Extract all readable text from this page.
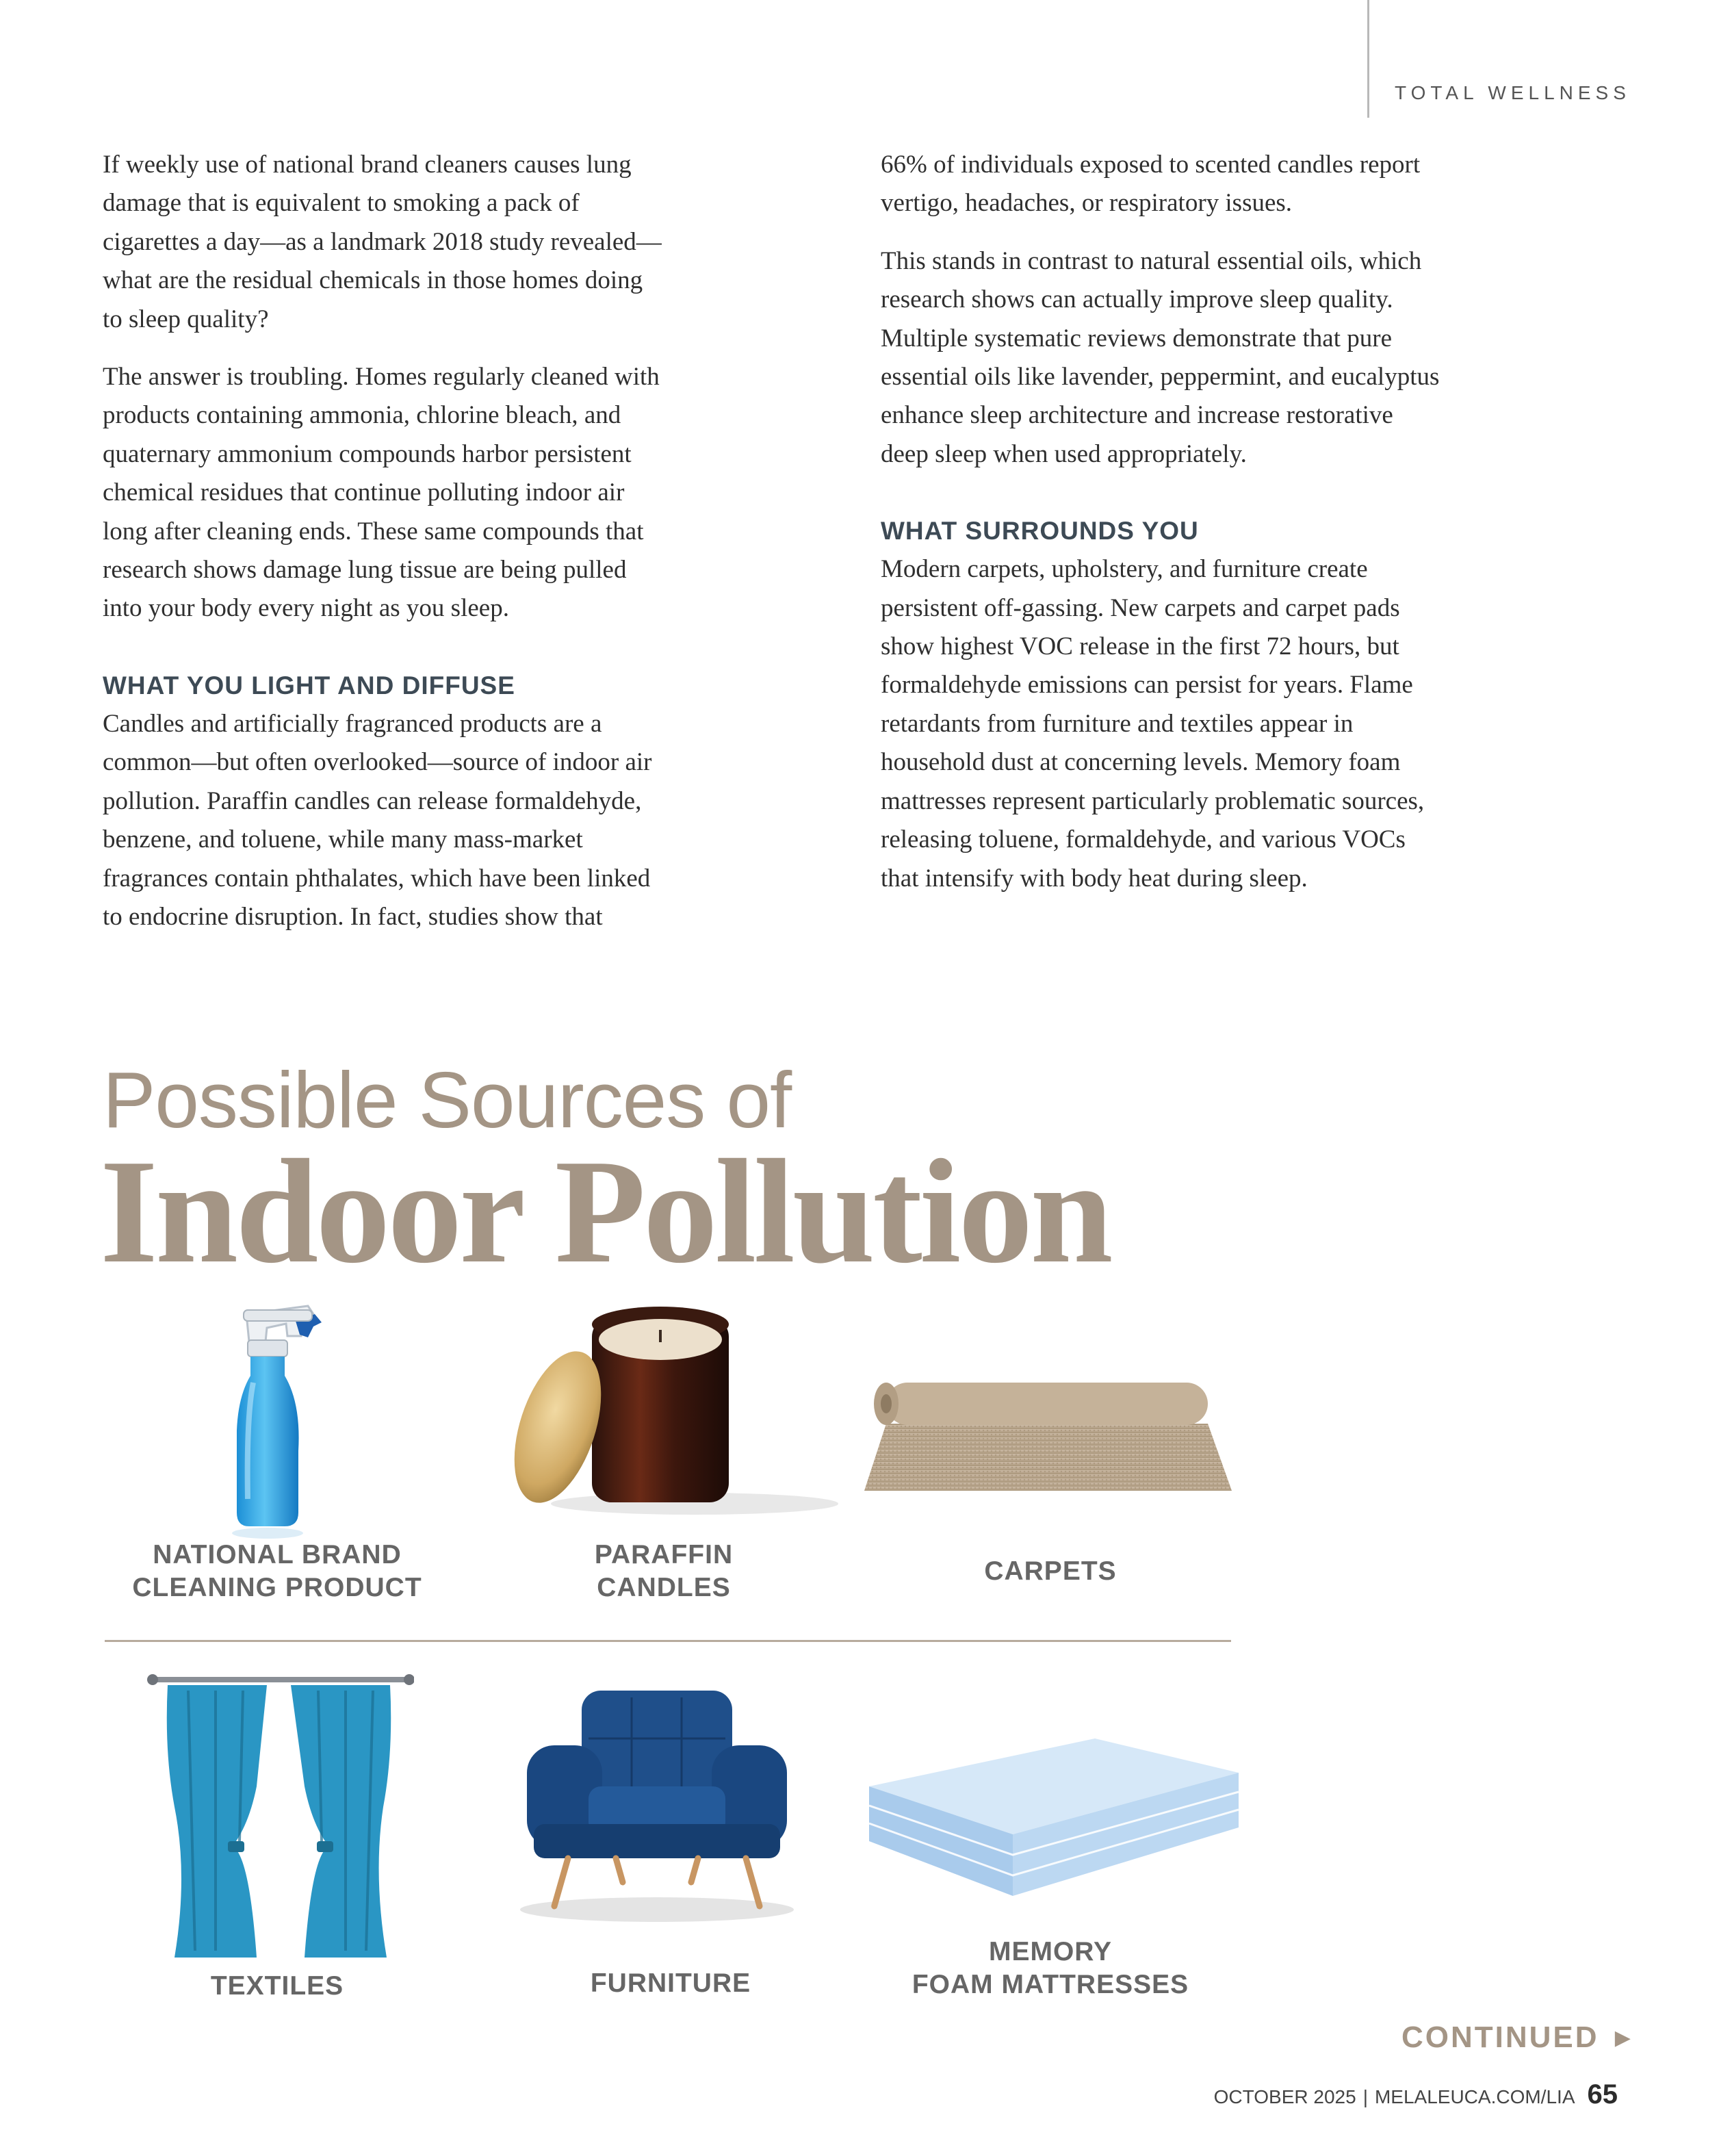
TOTAL WELLNESS

If weekly use of national brand cleaners causes lung damage that is equivalent to smoking a pack of cigarettes a day—as a landmark 2018 study revealed—what are the residual chemicals in those homes doing to sleep quality?

The answer is troubling. Homes regularly cleaned with products containing ammonia, chlorine bleach, and quaternary ammonium compounds harbor persistent chemical residues that continue polluting indoor air long after cleaning ends. These same compounds that research shows damage lung tissue are being pulled into your body every night as you sleep.

WHAT YOU LIGHT AND DIFFUSE

Candles and artificially fragranced products are a common—but often overlooked—source of indoor air pollution. Paraffin candles can release formaldehyde, benzene, and toluene, while many mass-market fragrances contain phthalates, which have been linked to endocrine disruption. In fact, studies show that

66% of individuals exposed to scented candles report vertigo, headaches, or respiratory issues.

This stands in contrast to natural essential oils, which research shows can actually improve sleep quality. Multiple systematic reviews demonstrate that pure essential oils like lavender, peppermint, and eucalyptus enhance sleep architecture and increase restorative deep sleep when used appropriately.

WHAT SURROUNDS YOU

Modern carpets, upholstery, and furniture create persistent off-gassing. New carpets and carpet pads show highest VOC release in the first 72 hours, but formaldehyde emissions can persist for years. Flame retardants from furniture and textiles appear in household dust at concerning levels. Memory foam mattresses represent particularly problematic sources, releasing toluene, formaldehyde, and various VOCs that intensify with body heat during sleep.

Possible Sources of
Indoor Pollution
NATIONAL BRAND
CLEANING PRODUCT
PARAFFIN
CANDLES
CARPETS
TEXTILES	FURNITURE
MEMORY
FOAM MATTRESSES
CONTINUED ▶
OCTOBER 2025 | MELALEUCA.COM/LIA 65
